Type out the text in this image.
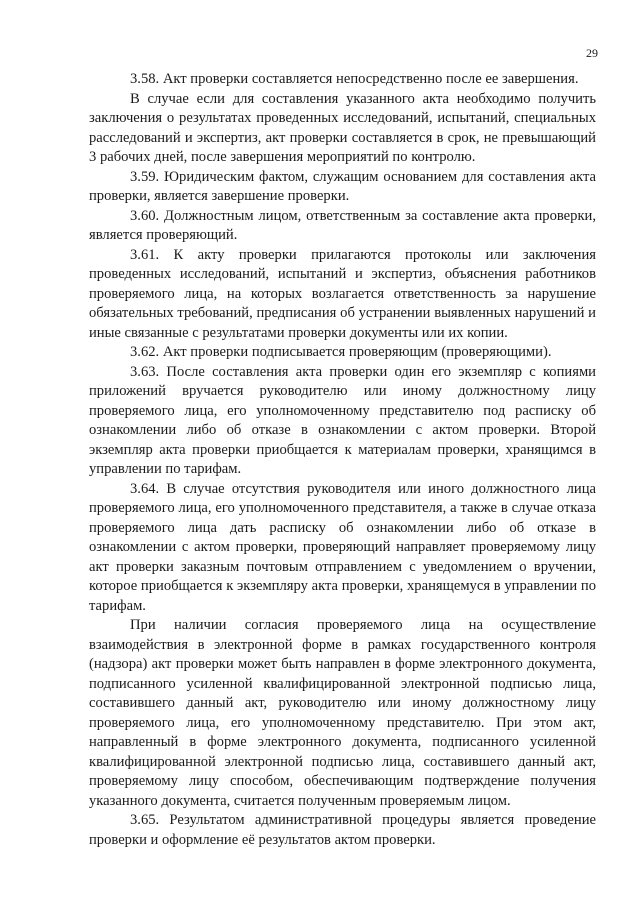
29

3.58. Акт проверки составляется непосредственно после ее завершения.

В случае если для составления указанного акта необходимо получить заключения о результатах проведенных исследований, испытаний, специальных расследований и экспертиз, акт проверки составляется в срок, не превышающий 3 рабочих дней, после завершения мероприятий по контролю.

3.59. Юридическим фактом, служащим основанием для составления акта проверки, является завершение проверки.

3.60. Должностным лицом, ответственным за составление акта проверки, является проверяющий.

3.61. К акту проверки прилагаются протоколы или заключения проведенных исследований, испытаний и экспертиз, объяснения работников проверяемого лица, на которых возлагается ответственность за нарушение обязательных требований, предписания об устранении выявленных нарушений и иные связанные с результатами проверки документы или их копии.

3.62. Акт проверки подписывается проверяющим (проверяющими).

3.63. После составления акта проверки один его экземпляр с копиями приложений вручается руководителю или иному должностному лицу проверяемого лица, его уполномоченному представителю под расписку об ознакомлении либо об отказе в ознакомлении с актом проверки. Второй экземпляр акта проверки приобщается к материалам проверки, хранящимся в управлении по тарифам.

3.64. В случае отсутствия руководителя или иного должностного лица проверяемого лица, его уполномоченного представителя, а также в случае отказа проверяемого лица дать расписку об ознакомлении либо об отказе в ознакомлении с актом проверки, проверяющий направляет проверяемому лицу акт проверки заказным почтовым отправлением с уведомлением о вручении, которое приобщается к экземпляру акта проверки, хранящемуся в управлении по тарифам.

При наличии согласия проверяемого лица на осуществление взаимодействия в электронной форме в рамках государственного контроля (надзора) акт проверки может быть направлен в форме электронного документа, подписанного усиленной квалифицированной электронной подписью лица, составившего данный акт, руководителю или иному должностному лицу проверяемого лица, его уполномоченному представителю. При этом акт, направленный в форме электронного документа, подписанного усиленной квалифицированной электронной подписью лица, составившего данный акт, проверяемому лицу способом, обеспечивающим подтверждение получения указанного документа, считается полученным проверяемым лицом.

3.65. Результатом административной процедуры является проведение проверки и оформление её результатов актом проверки.
